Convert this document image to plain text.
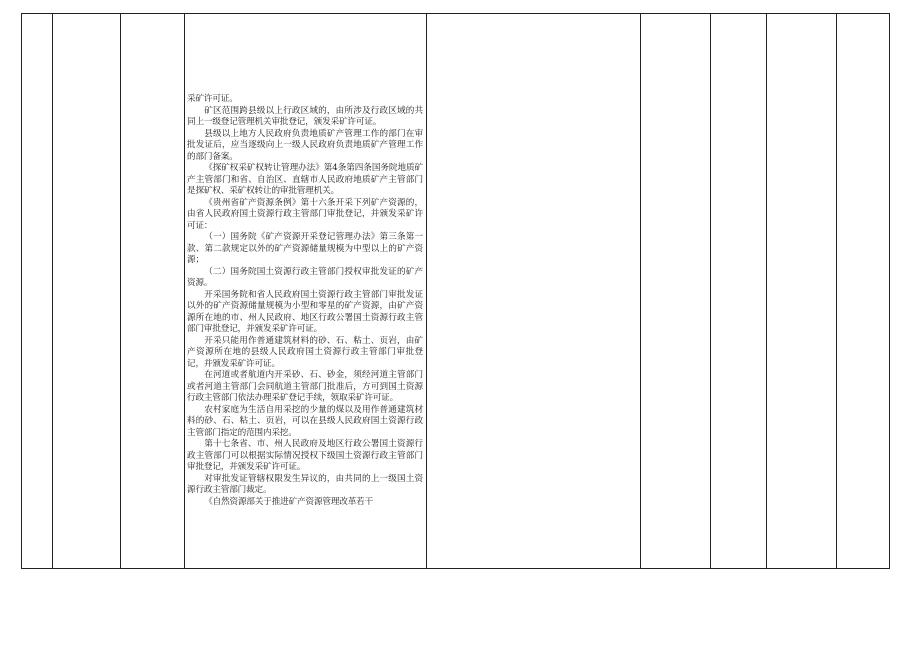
采矿许可证。

矿区范围跨县级以上行政区域的，由所涉及行政区域的共同上一级登记管理机关审批登记，颁发采矿许可证。

县级以上地方人民政府负责地质矿产管理工作的部门在审批发证后，应当逐级向上一级人民政府负责地质矿产管理工作的部门备案。

《探矿权采矿权转让管理办法》第4条第四条国务院地质矿产主管部门和省、自治区、直辖市人民政府地质矿产主管部门是探矿权、采矿权转让的审批管理机关。

《贵州省矿产资源条例》第十六条开采下列矿产资源的，由省人民政府国土资源行政主管部门审批登记，并颁发采矿许可证：

（一）国务院《矿产资源开采登记管理办法》第三条第一款、第二款规定以外的矿产资源储量规模为中型以上的矿产资源；

（二）国务院国土资源行政主管部门授权审批发证的矿产资源。

开采国务院和省人民政府国土资源行政主管部门审批发证以外的矿产资源储量规模为小型和零星的矿产资源，由矿产资源所在地的市、州人民政府、地区行政公署国土资源行政主管部门审批登记，并颁发采矿许可证。

开采只能用作普通建筑材料的砂、石、粘土、页岩，由矿产资源所在地的县级人民政府国土资源行政主管部门审批登记，并颁发采矿许可证。

在河道或者航道内开采砂、石、砂金，须经河道主管部门或者河道主管部门会同航道主管部门批准后，方可到国土资源行政主管部门依法办理采矿登记手续，领取采矿许可证。

农村家庭为生活自用采挖的少量的煤以及用作普通建筑材料的砂、石、粘土、页岩，可以在县级人民政府国土资源行政主管部门指定的范围内采挖。

第十七条省、市、州人民政府及地区行政公署国土资源行政主管部门可以根据实际情况授权下级国土资源行政主管部门审批登记，并颁发采矿许可证。

对审批发证管辖权限发生异议的，由共同的上一级国土资源行政主管部门裁定。

《自然资源部关于推进矿产资源管理改革若干
